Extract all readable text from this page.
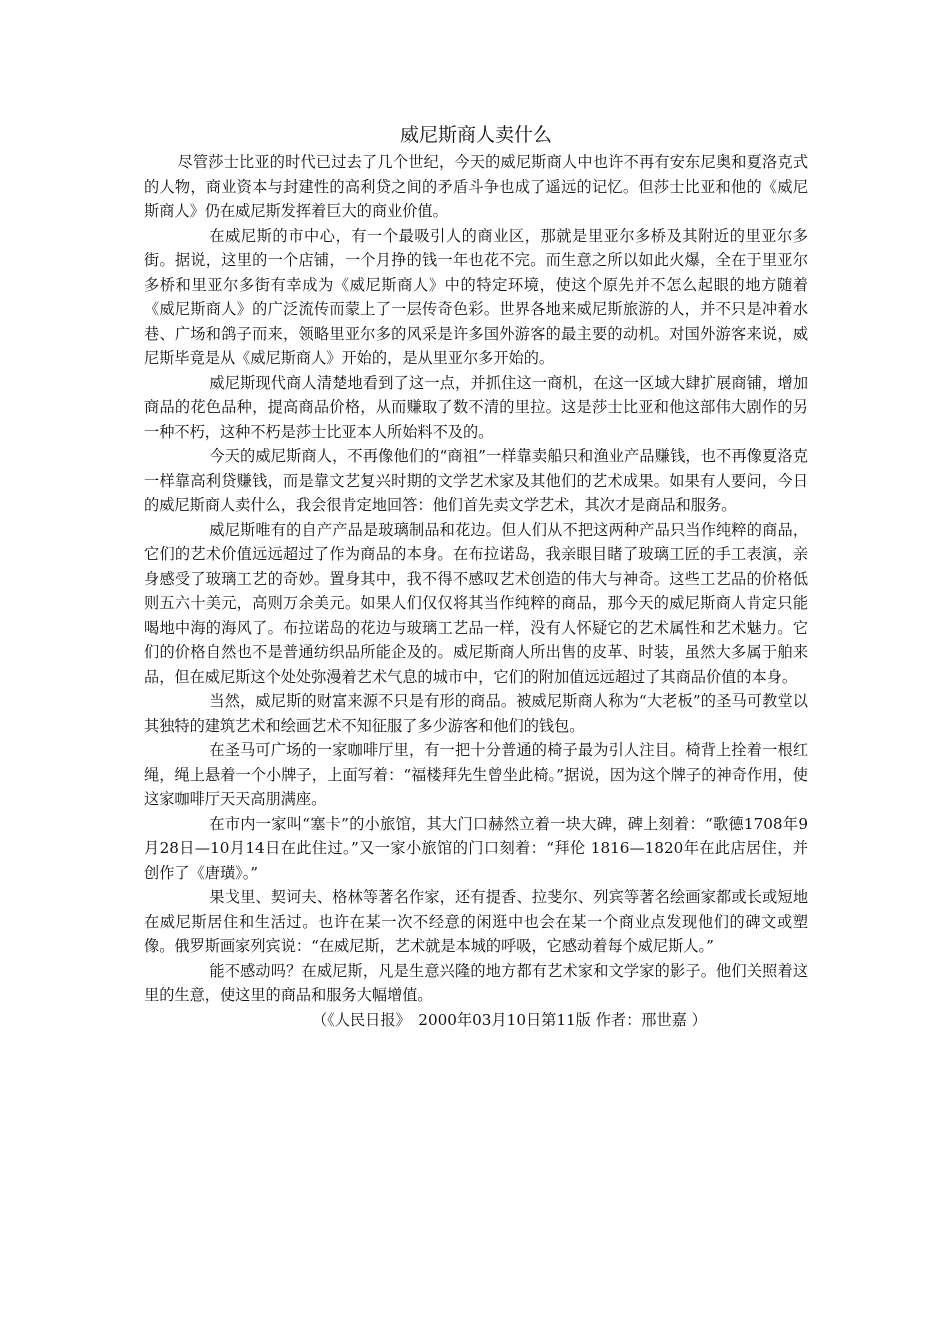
威尼斯商人卖什么

尽管莎士比亚的时代已过去了几个世纪，今天的威尼斯商人中也许不再有安东尼奥和夏洛克式的人物，商业资本与封建性的高利贷之间的矛盾斗争也成了遥远的记忆。但莎士比亚和他的《威尼斯商人》仍在威尼斯发挥着巨大的商业价值。

在威尼斯的市中心，有一个最吸引人的商业区，那就是里亚尔多桥及其附近的里亚尔多街。据说，这里的一个店铺，一个月挣的钱一年也花不完。而生意之所以如此火爆，全在于里亚尔多桥和里亚尔多街有幸成为《威尼斯商人》中的特定环境，使这个原先并不怎么起眼的地方随着《威尼斯商人》的广泛流传而蒙上了一层传奇色彩。世界各地来威尼斯旅游的人，并不只是冲着水巷、广场和鸽子而来，领略里亚尔多的风采是许多国外游客的最主要的动机。对国外游客来说，威尼斯毕竟是从《威尼斯商人》开始的，是从里亚尔多开始的。

威尼斯现代商人清楚地看到了这一点，并抓住这一商机，在这一区域大肆扩展商铺，增加商品的花色品种，提高商品价格，从而赚取了数不清的里拉。这是莎士比亚和他这部伟大剧作的另一种不朽，这种不朽是莎士比亚本人所始料不及的。

今天的威尼斯商人，不再像他们的“商祖”一样靠卖船只和渔业产品赚钱，也不再像夏洛克一样靠高利贷赚钱，而是靠文艺复兴时期的文学艺术家及其他们的艺术成果。如果有人要问，今日的威尼斯商人卖什么，我会很肯定地回答：他们首先卖文学艺术，其次才是商品和服务。

威尼斯唯有的自产产品是玻璃制品和花边。但人们从不把这两种产品只当作纯粹的商品，它们的艺术价值远远超过了作为商品的本身。在布拉诺岛，我亲眼目睹了玻璃工匠的手工表演，亲身感受了玻璃工艺的奇妙。置身其中，我不得不感叹艺术创造的伟大与神奇。这些工艺品的价格低则五六十美元，高则万余美元。如果人们仅仅将其当作纯粹的商品，那今天的威尼斯商人肯定只能喝地中海的海风了。布拉诺岛的花边与玻璃工艺品一样，没有人怀疑它的艺术属性和艺术魅力。它们的价格自然也不是普通纺织品所能企及的。威尼斯商人所出售的皮革、时装，虽然大多属于舶来品，但在威尼斯这个处处弥漫着艺术气息的城市中，它们的附加值远远超过了其商品价值的本身。

当然，威尼斯的财富来源不只是有形的商品。被威尼斯商人称为“大老板”的圣马可教堂以其独特的建筑艺术和绘画艺术不知征服了多少游客和他们的钱包。

在圣马可广场的一家咖啡厅里，有一把十分普通的椅子最为引人注目。椅背上拴着一根红绳，绳上悬着一个小牌子，上面写着：“福楼拜先生曾坐此椅。”据说，因为这个牌子的神奇作用，使这家咖啡厅天天高朋满座。

在市内一家叫“塞卡”的小旅馆，其大门口赫然立着一块大碑，碑上刻着：“歌德1708年9月28日—10月14日在此住过。”又一家小旅馆的门口刻着：“拜伦 1816—1820年在此店居住，并创作了《唐璜》。”

果戈里、契诃夫、格林等著名作家，还有提香、拉斐尔、列宾等著名绘画家都或长或短地在威尼斯居住和生活过。也许在某一次不经意的闲逛中也会在某一个商业点发现他们的碑文或塑像。俄罗斯画家列宾说：“在威尼斯，艺术就是本城的呼吸，它感动着每个威尼斯人。”

能不感动吗？在威尼斯，凡是生意兴隆的地方都有艺术家和文学家的影子。他们关照着这里的生意，使这里的商品和服务大幅增值。

（《人民日报》　2000年03月10日第11版 作者：邢世嘉 ）
